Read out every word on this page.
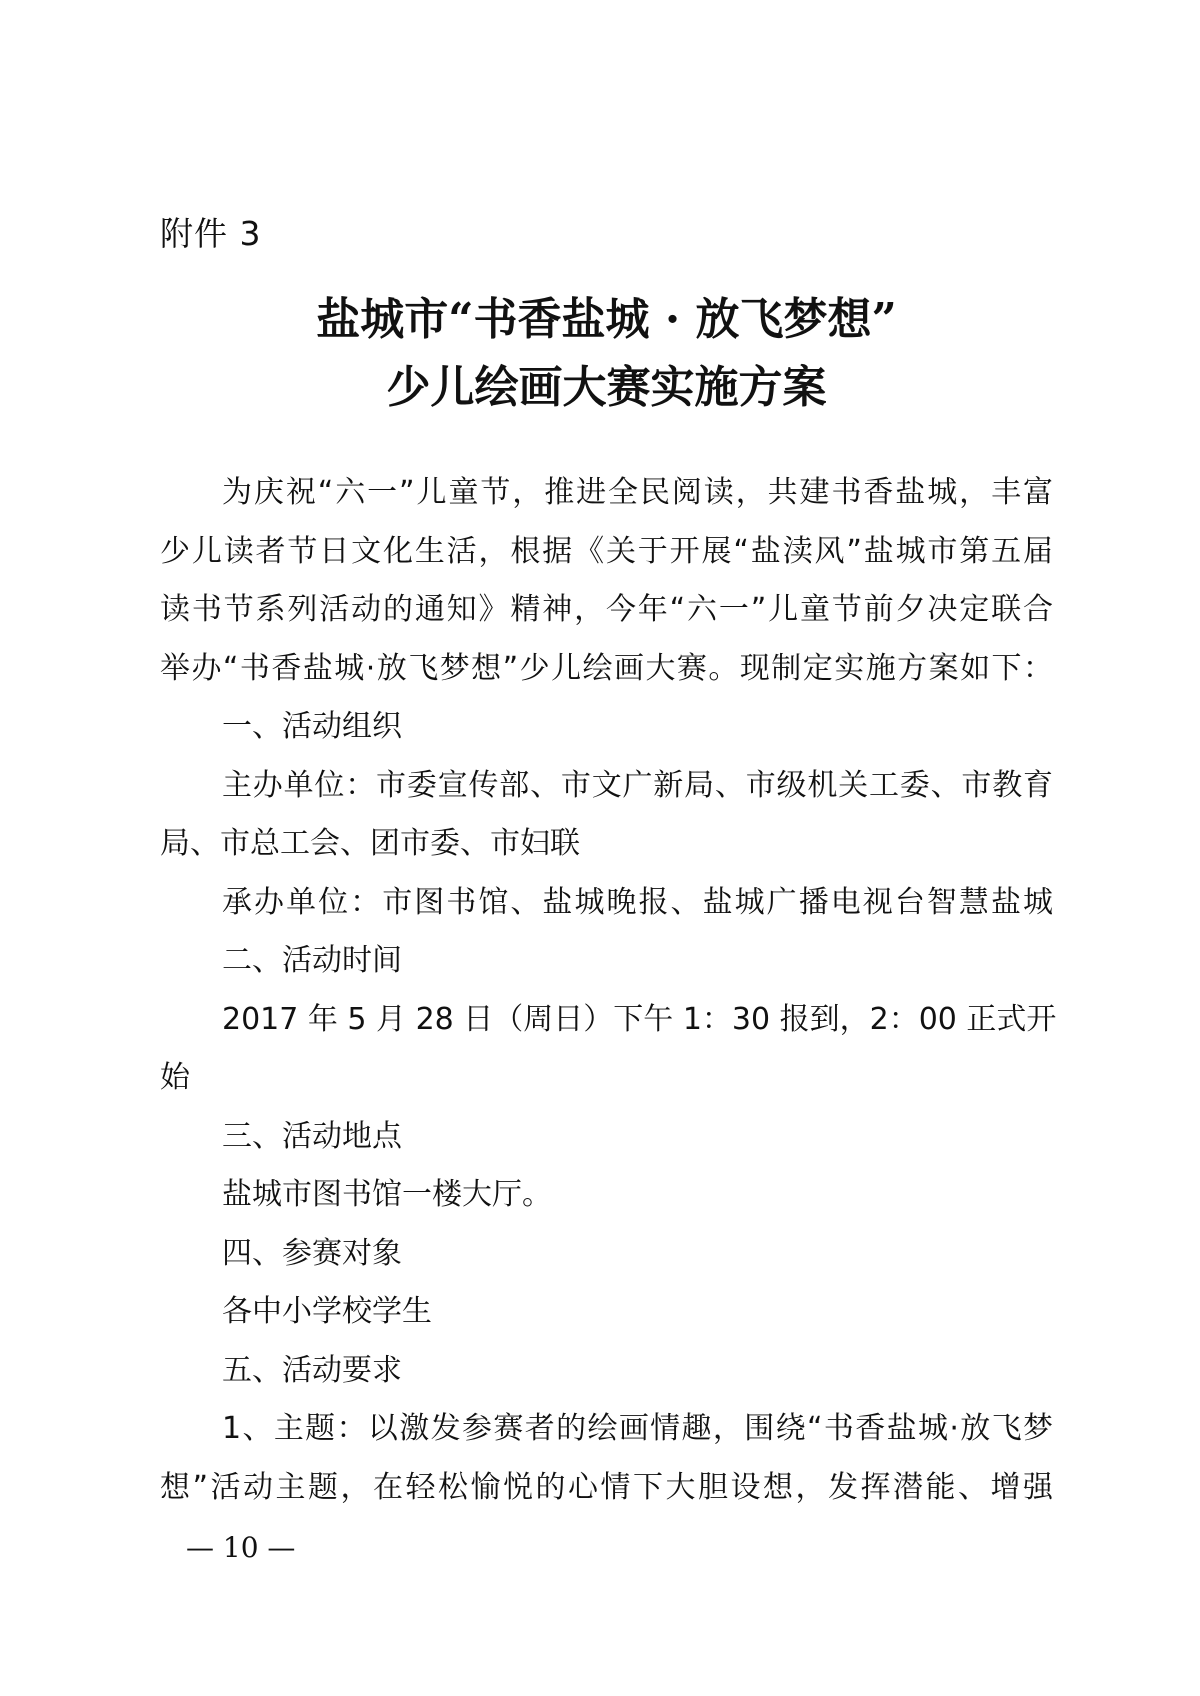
附件 3
盐城市“书香盐城 · 放飞梦想”
少儿绘画大赛实施方案
为庆祝“六一”儿童节，推进全民阅读，共建书香盐城，丰富
少儿读者节日文化生活，根据《关于开展“盐渎风”盐城市第五届
读书节系列活动的通知》精神，今年“六一”儿童节前夕决定联合
举办“书香盐城·放飞梦想”少儿绘画大赛。现制定实施方案如下：
一、活动组织
主办单位：市委宣传部、市文广新局、市级机关工委、市教育
局、市总工会、团市委、市妇联
承办单位：市图书馆、盐城晚报、盐城广播电视台智慧盐城
二、活动时间
2017 年 5 月 28 日（周日）下午 1：30 报到，2：00 正式开
始
三、活动地点
盐城市图书馆一楼大厅。
四、参赛对象
各中小学校学生
五、活动要求
1、主题：以激发参赛者的绘画情趣，围绕“书香盐城·放飞梦
想”活动主题，在轻松愉悦的心情下大胆设想，发挥潜能、增强
— 10 —
